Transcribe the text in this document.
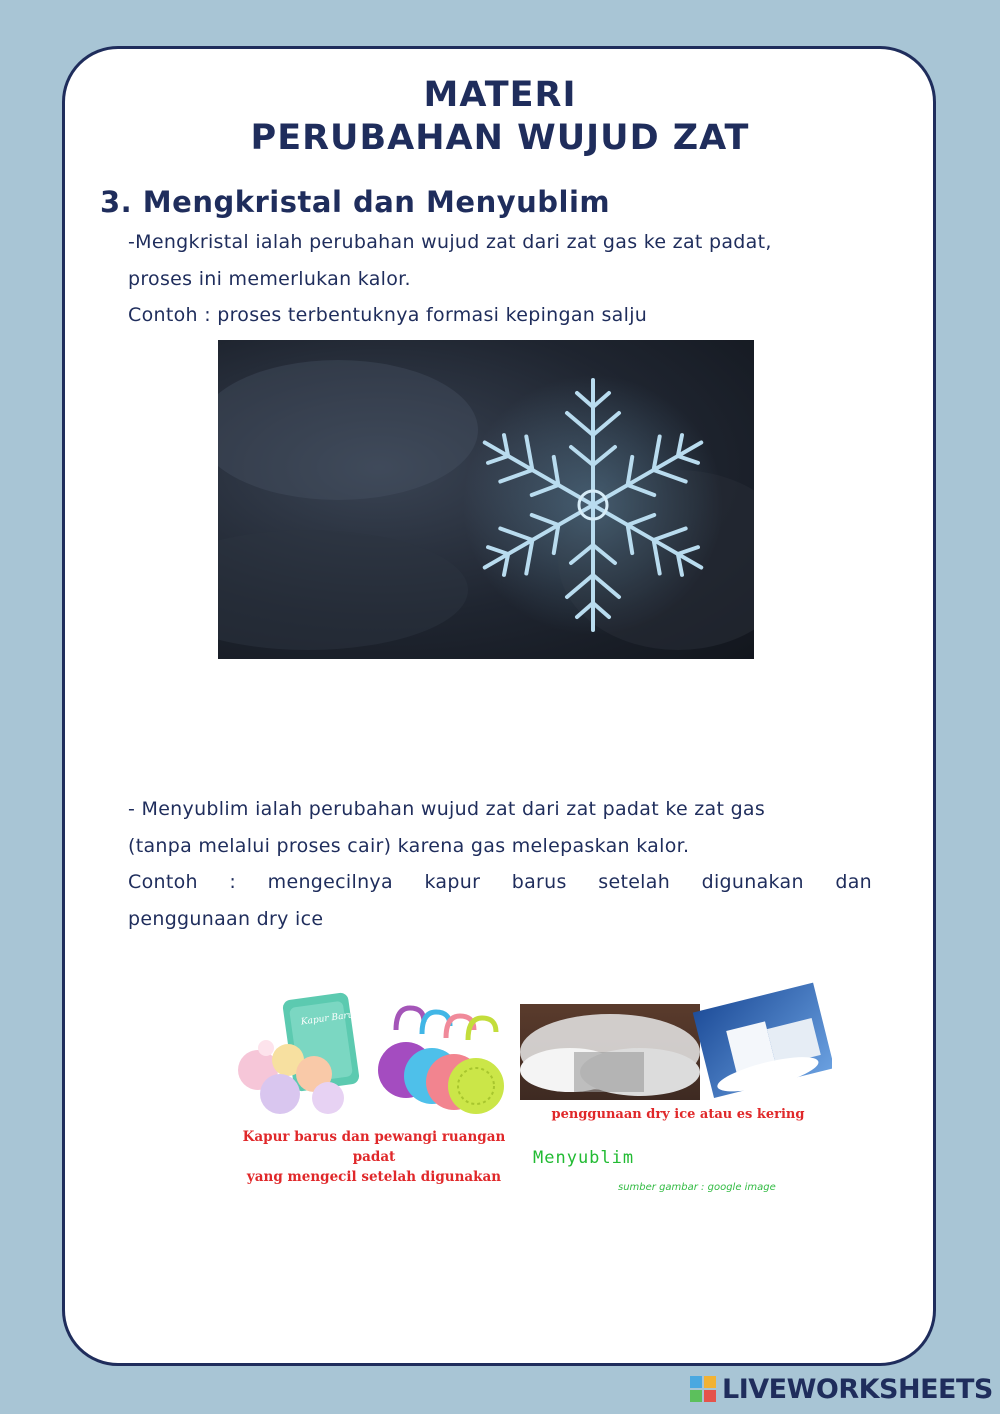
MATERI
PERUBAHAN WUJUD ZAT
3. Mengkristal dan Menyublim
-Mengkristal ialah perubahan wujud zat dari zat gas ke zat padat,
proses ini memerlukan kalor.
Contoh : proses terbentuknya formasi kepingan salju
- Menyublim ialah perubahan wujud zat dari zat padat ke zat gas
(tanpa melalui proses cair) karena gas melepaskan kalor.
Contoh : mengecilnya kapur barus setelah digunakan dan
penggunaan dry ice
Kapur Barus
Kapur barus dan pewangi ruangan padat
yang mengecil setelah digunakan
penggunaan dry ice atau es kering
Menyublim
sumber gambar : google image
LIVEWORKSHEETS
